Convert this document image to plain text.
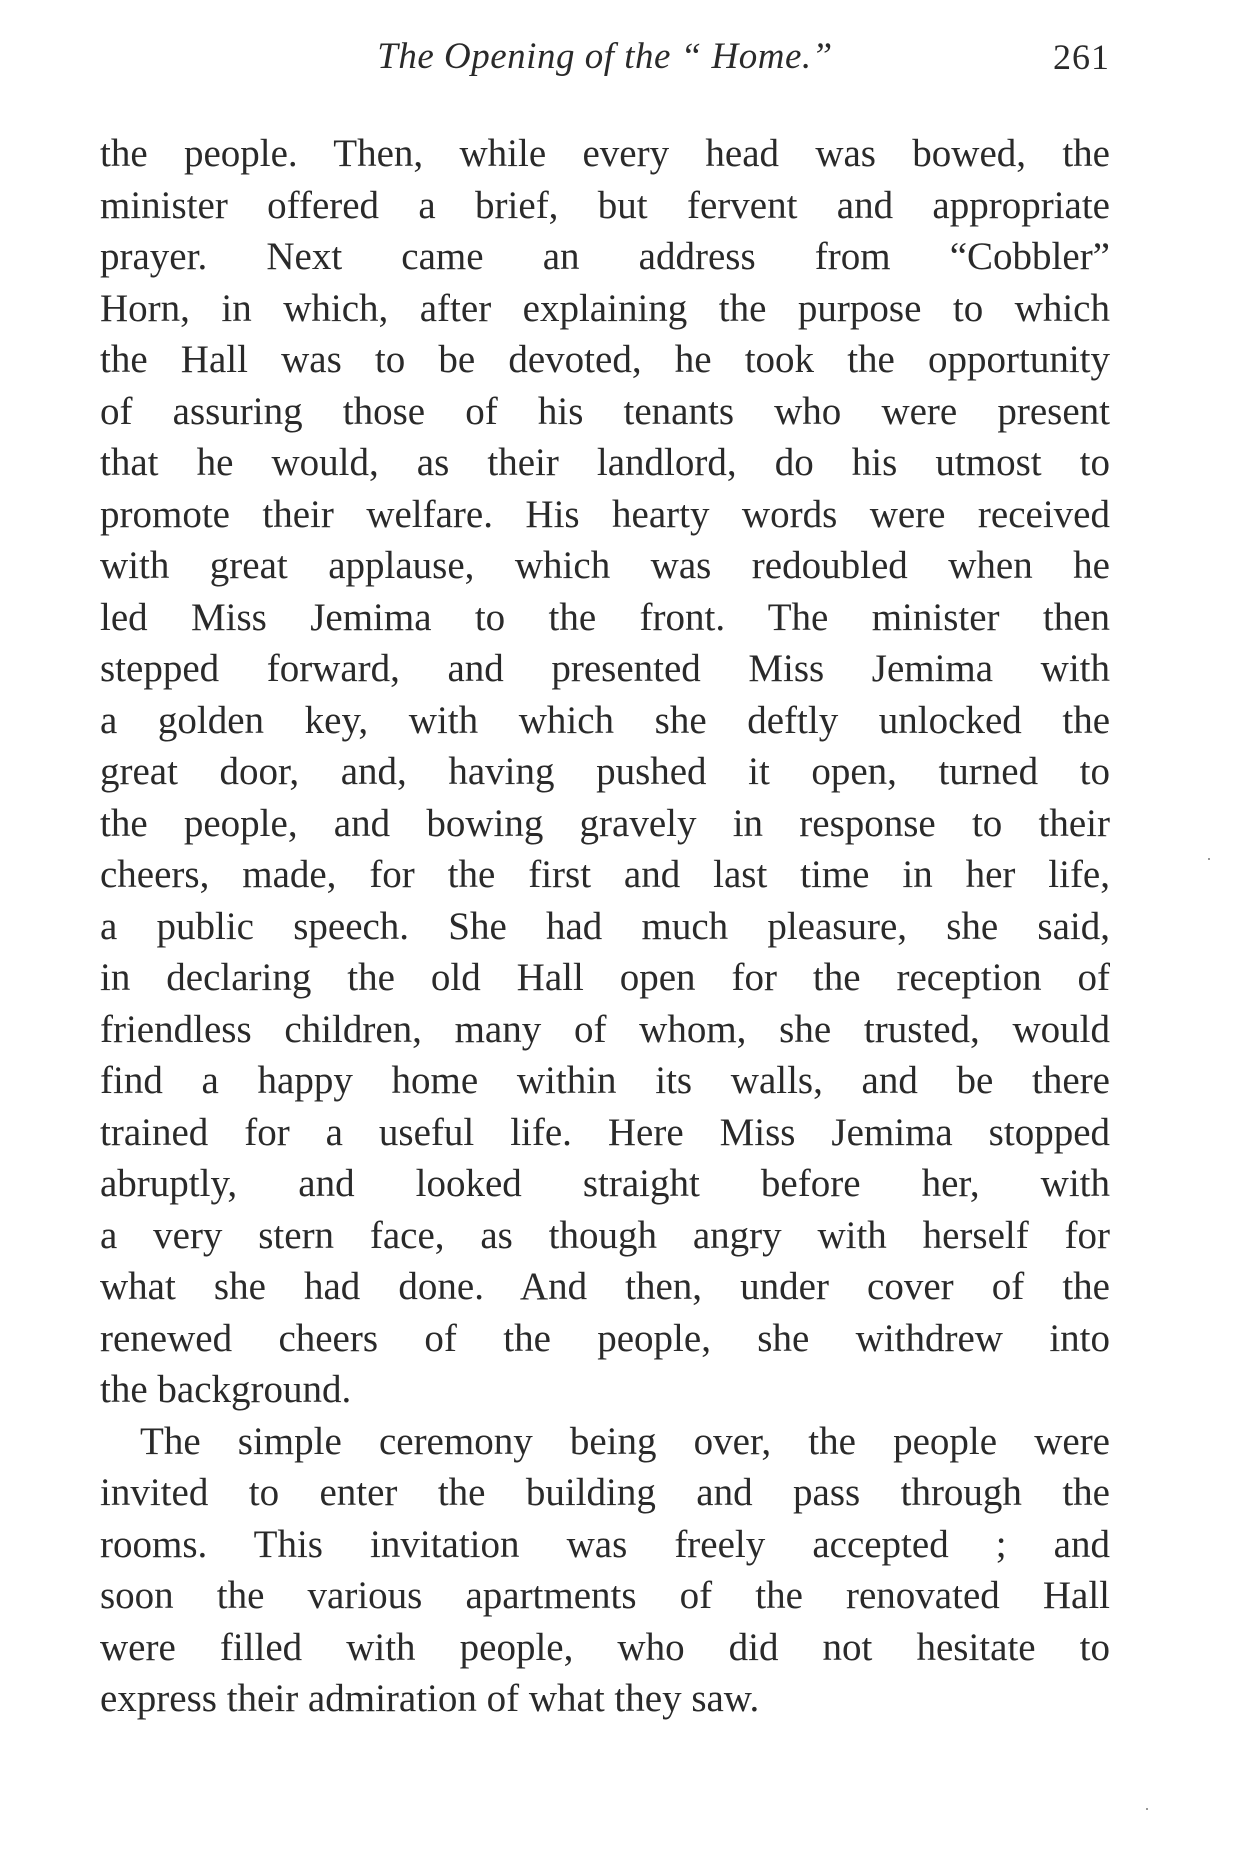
The Opening of the “ Home.”	261
the people. Then, while every head was bowed, the
minister offered a brief, but fervent and appropriate
prayer. Next came an address from “Cobbler”
Horn, in which, after explaining the purpose to which
the Hall was to be devoted, he took the opportunity
of assuring those of his tenants who were present
that he would, as their landlord, do his utmost to
promote their welfare. His hearty words were received
with great applause, which was redoubled when he
led Miss Jemima to the front. The minister then
stepped forward, and presented Miss Jemima with
a golden key, with which she deftly unlocked the
great door, and, having pushed it open, turned to
the people, and bowing gravely in response to their
cheers, made, for the first and last time in her life,
a public speech. She had much pleasure, she said,
in declaring the old Hall open for the reception of
friendless children, many of whom, she trusted, would
find a happy home within its walls, and be there
trained for a useful life. Here Miss Jemima stopped
abruptly, and looked straight before her, with
a very stern face, as though angry with herself for
what she had done. And then, under cover of the
renewed cheers of the people, she withdrew into
the background.
The simple ceremony being over, the people were
invited to enter the building and pass through the
rooms. This invitation was freely accepted ; and
soon the various apartments of the renovated Hall
were filled with people, who did not hesitate to
express their admiration of what they saw.
